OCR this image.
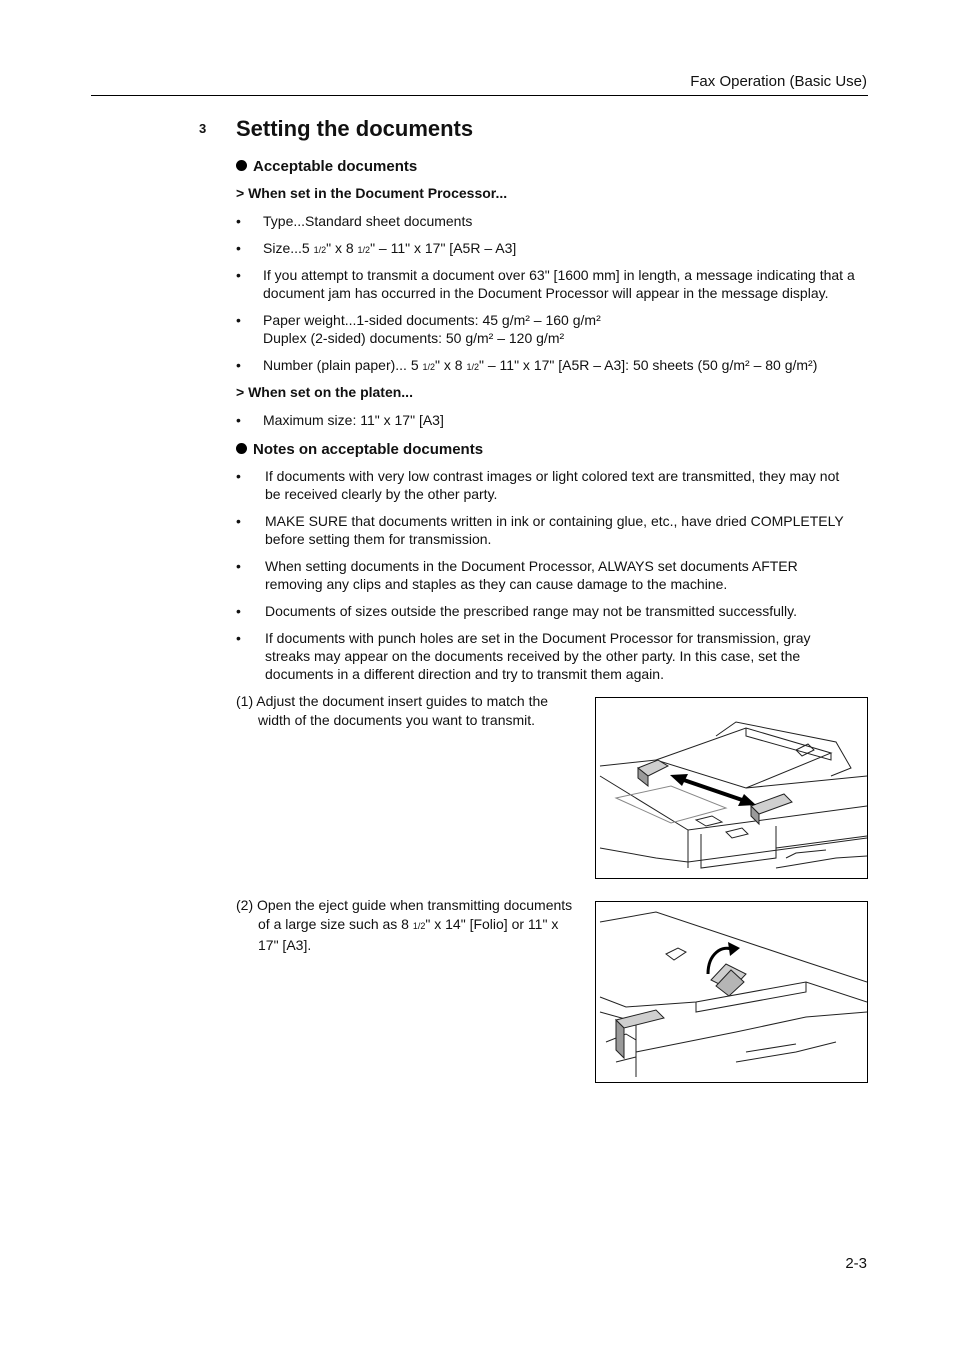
Fax Operation (Basic Use)
3 Setting the documents
Acceptable documents
> When set in the Document Processor...
• Type...Standard sheet documents
• Size...5 1/2" x 8 1/2" – 11" x 17" [A5R – A3]
• If you attempt to transmit a document over 63" [1600 mm] in length, a message indicating that a
document jam has occurred in the Document Processor will appear in the message display.
• Paper weight...1-sided documents: 45 g/m² – 160 g/m²
Duplex (2-sided) documents: 50 g/m² – 120 g/m²
• Number (plain paper)... 5 1/2" x 8 1/2" – 11" x 17" [A5R – A3]: 50 sheets (50 g/m² – 80 g/m²)
> When set on the platen...
• Maximum size: 11" x 17" [A3]
Notes on acceptable documents
• If documents with very low contrast images or light colored text are transmitted, they may not
be received clearly by the other party.
• MAKE SURE that documents written in ink or containing glue, etc., have dried COMPLETELY
before setting them for transmission.
• When setting documents in the Document Processor, ALWAYS set documents AFTER
removing any clips and staples as they can cause damage to the machine.
• Documents of sizes outside the prescribed range may not be transmitted successfully.
• If documents with punch holes are set in the Document Processor for transmission, gray
streaks may appear on the documents received by the other party. In this case, set the
documents in a different direction and try to transmit them again.
(1) Adjust the document insert guides to match the
width of the documents you want to transmit.
(2) Open the eject guide when transmitting documents
of a large size such as 8 1/2" x 14" [Folio] or 11" x
17" [A3].
2-3
